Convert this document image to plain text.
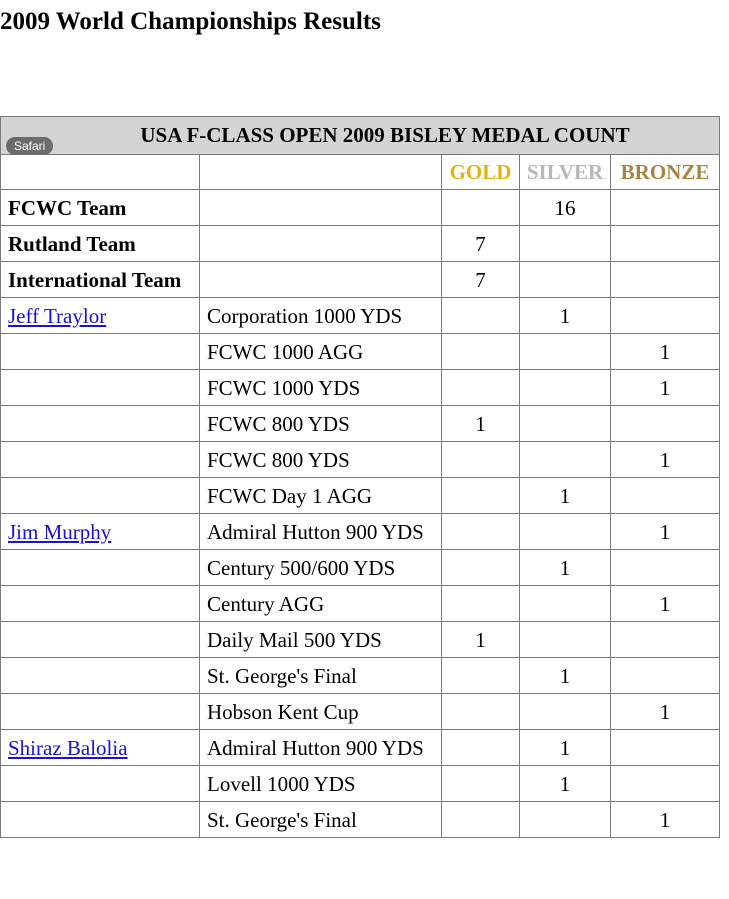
2009 World Championships Results
Safari USA F-CLASS OPEN 2009 BISLEY MEDAL COUNT				

		GOLD	SILVER	BRONZE
FCWC Team			16	
Rutland Team		7		
International Team		7		
Jeff Traylor	Corporation 1000 YDS		1	
	FCWC 1000 AGG			1
	FCWC 1000 YDS			1
	FCWC 800 YDS	1		
	FCWC 800 YDS			1
	FCWC Day 1 AGG		1	
Jim Murphy	Admiral Hutton 900 YDS			1
	Century 500/600 YDS		1	
	Century AGG			1
	Daily Mail 500 YDS	1		
	St. George's Final		1	
	Hobson Kent Cup			1
Shiraz Balolia	Admiral Hutton 900 YDS		1	
	Lovell 1000 YDS		1	
	St. George's Final			1
